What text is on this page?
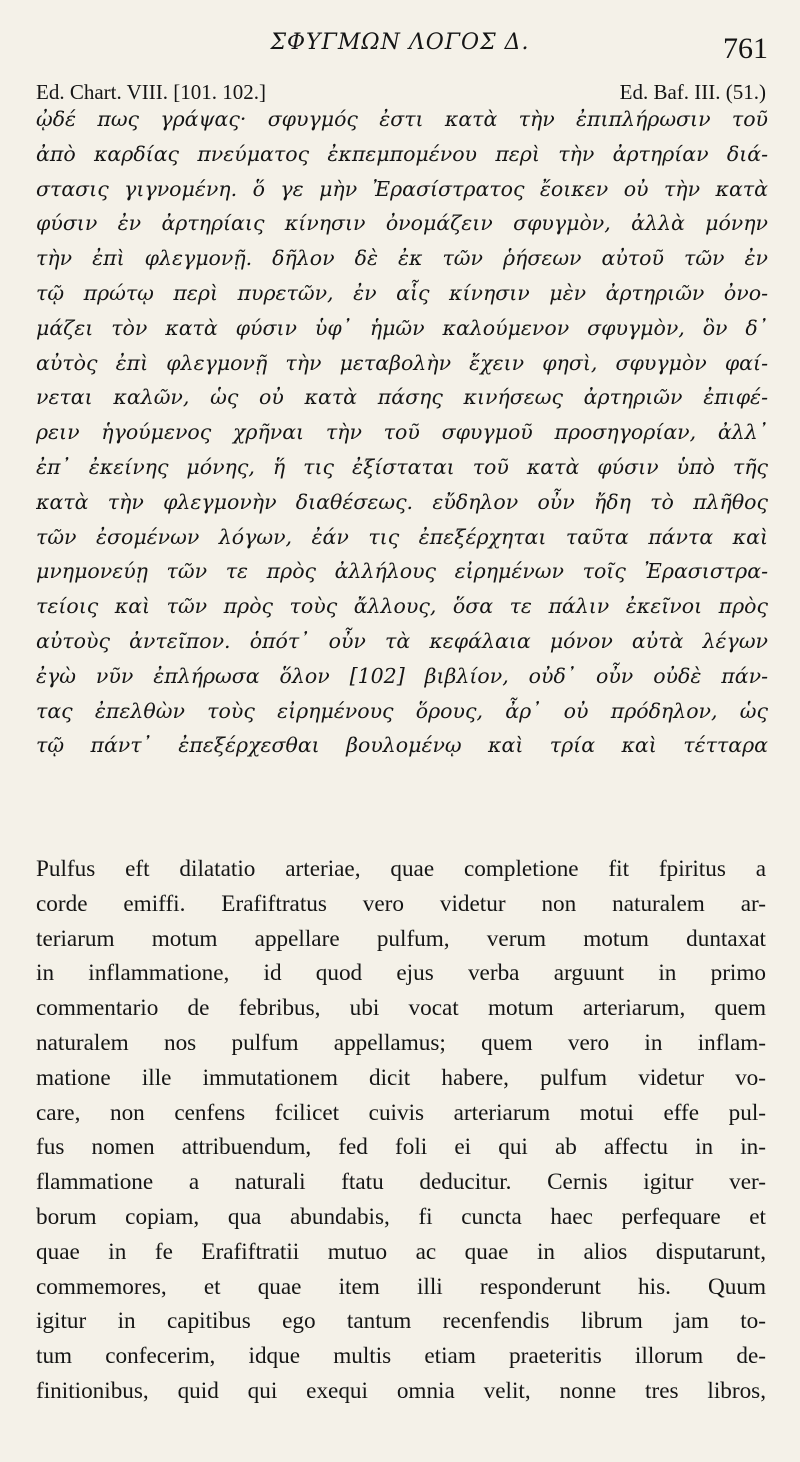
ΣΦΥΓΜΩΝ ΛΟΓΟΣ Δ.	761
Ed. Chart. VIII. [101. 102.]	Ed. Baf. III. (51.)
ᾠδέ πως γράψας· σφυγμός ἐστι κατὰ τὴν ἐπιπλήρωσιν τοῦ
ἀπὸ καρδίας πνεύματος ἐκπεμπομένου περὶ τὴν ἀρτηρίαν διά-
στασις γιγνομένη. ὅ γε μὴν Ἐρασίστρατος ἔοικεν οὐ τὴν κατὰ
φύσιν ἐν ἀρτηρίαις κίνησιν ὀνομάζειν σφυγμὸν, ἀλλὰ μόνην
τὴν ἐπὶ φλεγμονῇ. δῆλον δὲ ἐκ τῶν ῥήσεων αὐτοῦ τῶν ἐν
τῷ πρώτῳ περὶ πυρετῶν, ἐν αἷς κίνησιν μὲν ἀρτηριῶν ὀνο-
μάζει τὸν κατὰ φύσιν ὑφ᾽ ἡμῶν καλούμενον σφυγμὸν, ὃν δ᾽
αὐτὸς ἐπὶ φλεγμονῇ τὴν μεταβολὴν ἔχειν φησὶ, σφυγμὸν φαί-
νεται καλῶν, ὡς οὐ κατὰ πάσης κινήσεως ἀρτηριῶν ἐπιφέ-
ρειν ἡγούμενος χρῆναι τὴν τοῦ σφυγμοῦ προσηγορίαν, ἀλλ᾽
ἐπ᾽ ἐκείνης μόνης, ἥ τις ἐξίσταται τοῦ κατὰ φύσιν ὑπὸ τῆς
κατὰ τὴν φλεγμονὴν διαθέσεως. εὔδηλον οὖν ἤδη τὸ πλῆθος
τῶν ἐσομένων λόγων, ἐάν τις ἐπεξέρχηται ταῦτα πάντα καὶ
μνημονεύῃ τῶν τε πρὸς ἀλλήλους εἰρημένων τοῖς Ἐρασιστρα-
τείοις καὶ τῶν πρὸς τοὺς ἄλλους, ὅσα τε πάλιν ἐκεῖνοι πρὸς
αὐτοὺς ἀντεῖπον. ὁπότ᾽ οὖν τὰ κεφάλαια μόνον αὐτὰ λέγων
ἐγὼ νῦν ἐπλήρωσα ὅλον [102] βιβλίον, οὐδ᾽ οὖν οὐδὲ πάν-
τας ἐπελθὼν τοὺς εἰρημένους ὅρους, ἆρ᾽ οὐ πρόδηλον, ὡς
τῷ πάντ᾽ ἐπεξέρχεσθαι βουλομένῳ καὶ τρία καὶ τέτταρα
Pulfus eft dilatatio arteriae, quae completione fit fpiritus a
corde emiffi. Erafiftratus vero videtur non naturalem ar-
teriarum motum appellare pulfum, verum motum duntaxat
in inflammatione, id quod ejus verba arguunt in primo
commentario de febribus, ubi vocat motum arteriarum, quem
naturalem nos pulfum appellamus; quem vero in inflam-
matione ille immutationem dicit habere, pulfum videtur vo-
care, non cenfens fcilicet cuivis arteriarum motui effe pul-
fus nomen attribuendum, fed foli ei qui ab affectu in in-
flammatione a naturali ftatu deducitur. Cernis igitur ver-
borum copiam, qua abundabis, fi cuncta haec perfequare et
quae in fe Erafiftratii mutuo ac quae in alios disputarunt,
commemores, et quae item illi responderunt his. Quum
igitur in capitibus ego tantum recenfendis librum jam to-
tum confecerim, idque multis etiam praeteritis illorum de-
finitionibus, quid qui exequi omnia velit, nonne tres libros,
